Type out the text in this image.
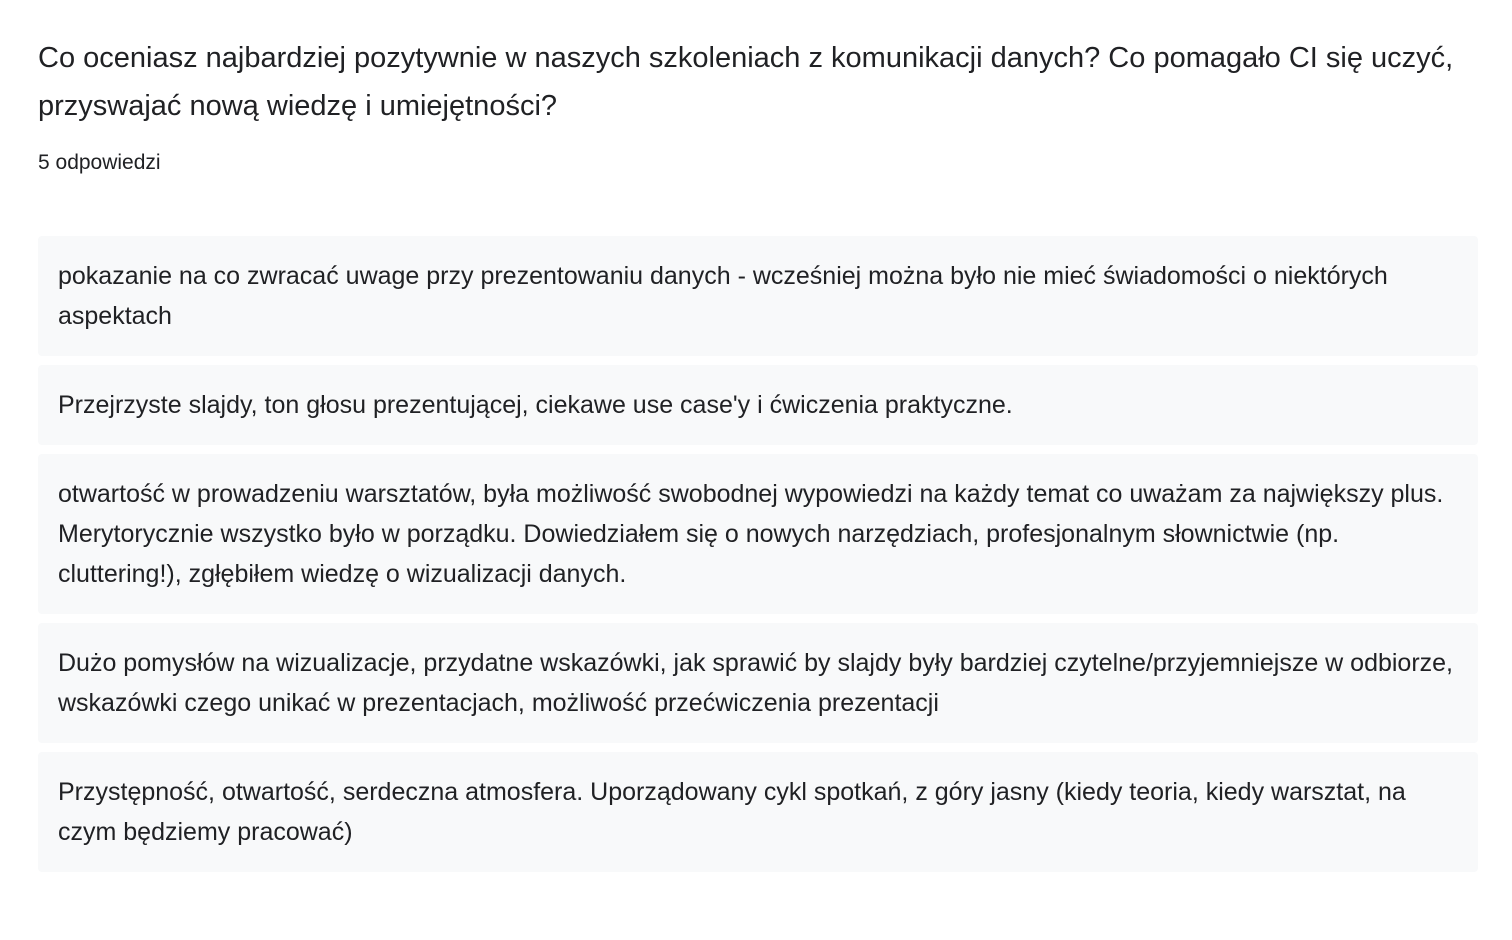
Co oceniasz najbardziej pozytywnie w naszych szkoleniach z komunikacji danych? Co pomagało CI się uczyć, przyswajać nową wiedzę i umiejętności?
5 odpowiedzi
pokazanie na co zwracać uwage przy prezentowaniu danych - wcześniej można było nie mieć świadomości o niektórych aspektach
Przejrzyste slajdy, ton głosu prezentującej, ciekawe use case'y i ćwiczenia praktyczne.
otwartość w prowadzeniu warsztatów, była możliwość swobodnej wypowiedzi na każdy temat co uważam za największy plus. Merytorycznie wszystko było w porządku. Dowiedziałem się o nowych narzędziach, profesjonalnym słownictwie (np. cluttering!), zgłębiłem wiedzę o wizualizacji danych.
Dużo pomysłów na wizualizacje, przydatne wskazówki, jak sprawić by slajdy były bardziej czytelne/przyjemniejsze w odbiorze, wskazówki czego unikać w prezentacjach, możliwość przećwiczenia prezentacji
Przystępność, otwartość, serdeczna atmosfera. Uporządowany cykl spotkań, z góry jasny (kiedy teoria, kiedy warsztat, na czym będziemy pracować)
